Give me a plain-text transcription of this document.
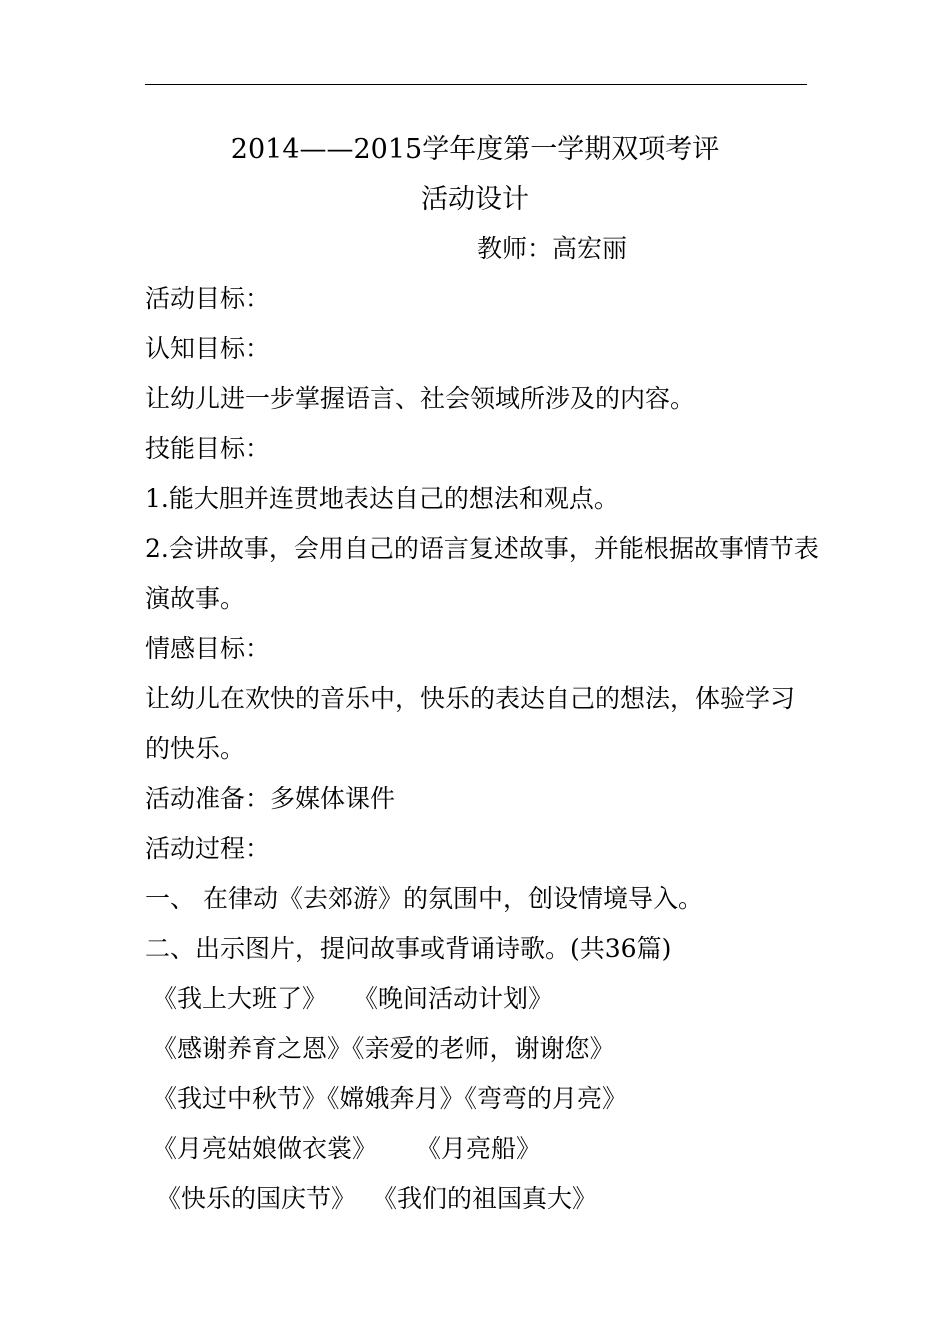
2014——2015学年度第一学期双项考评
活动设计
教师：高宏丽
活动目标：
认知目标：
让幼儿进一步掌握语言、社会领域所涉及的内容。
技能目标：
1.能大胆并连贯地表达自己的想法和观点。
2.会讲故事，会用自己的语言复述故事，并能根据故事情节表
演故事。
情感目标：
让幼儿在欢快的音乐中，快乐的表达自己的想法，体验学习
的快乐。
活动准备：多媒体课件
活动过程：
一、 在律动《去郊游》的氛围中，创设情境导入。
二、出示图片，提问故事或背诵诗歌。(共36篇)
《我上大班了》 《晚间活动计划》
《感谢养育之恩》《亲爱的老师，谢谢您》
《我过中秋节》《嫦娥奔月》《弯弯的月亮》
《月亮姑娘做衣裳》 《月亮船》
《快乐的国庆节》 《我们的祖国真大》
